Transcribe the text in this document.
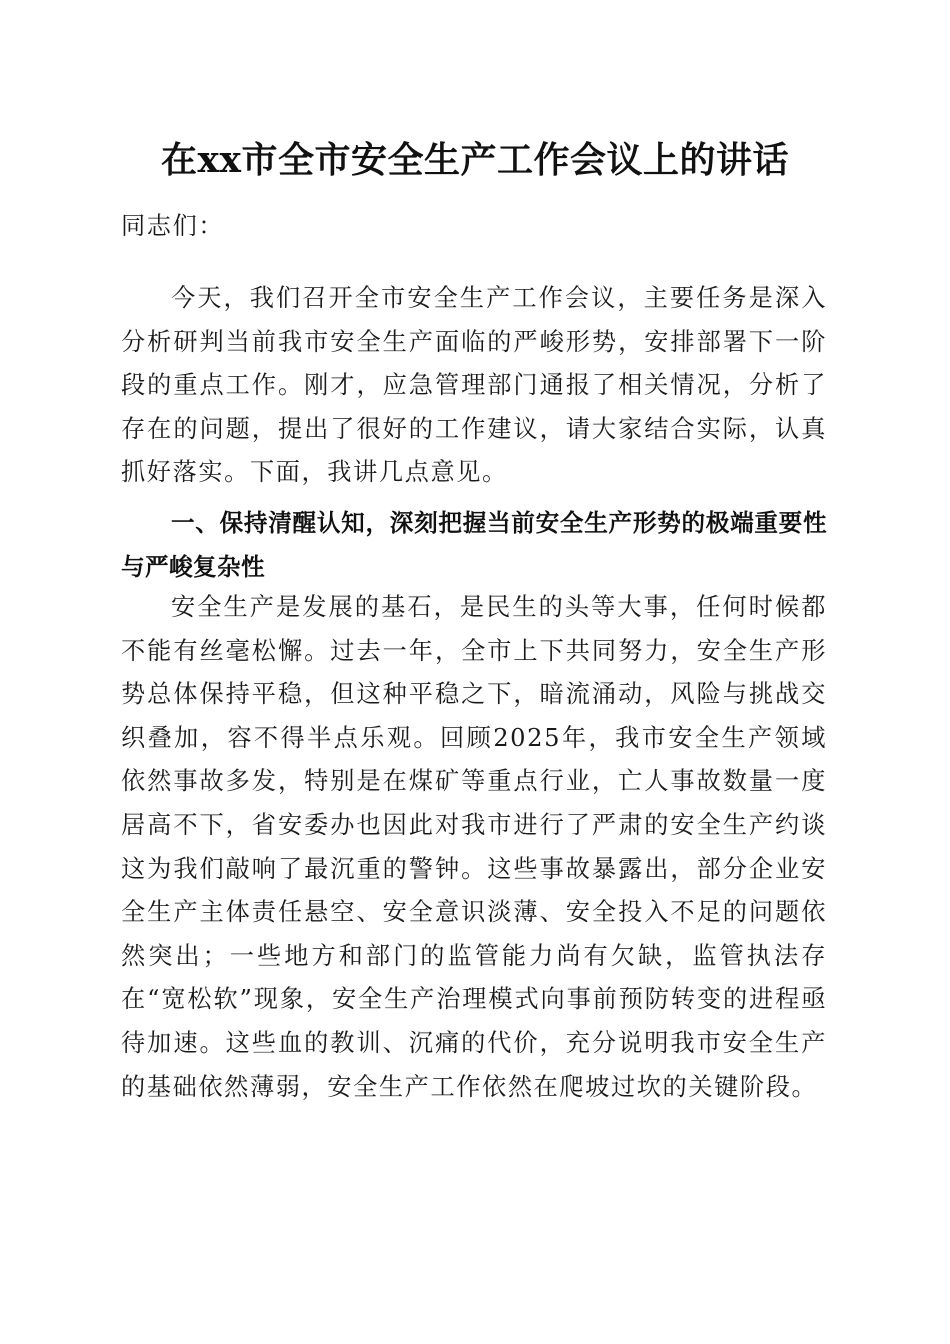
在xx市全市安全生产工作会议上的讲话

同志们：

今天，我们召开全市安全生产工作会议，主要任务是深入分析研判当前我市安全生产面临的严峻形势，安排部署下一阶段的重点工作。刚才，应急管理部门通报了相关情况，分析了存在的问题，提出了很好的工作建议，请大家结合实际，认真抓好落实。下面，我讲几点意见。

一、保持清醒认知，深刻把握当前安全生产形势的极端重要性与严峻复杂性

安全生产是发展的基石，是民生的头等大事，任何时候都不能有丝毫松懈。过去一年，全市上下共同努力，安全生产形势总体保持平稳，但这种平稳之下，暗流涌动，风险与挑战交织叠加，容不得半点乐观。回顾2025年，我市安全生产领域依然事故多发，特别是在煤矿等重点行业，亡人事故数量一度居高不下，省安委办也因此对我市进行了严肃的安全生产约谈这为我们敲响了最沉重的警钟。这些事故暴露出，部分企业安全生产主体责任悬空、安全意识淡薄、安全投入不足的问题依然突出；一些地方和部门的监管能力尚有欠缺，监管执法存在“宽松软”现象，安全生产治理模式向事前预防转变的进程亟待加速。这些血的教训、沉痛的代价，充分说明我市安全生产的基础依然薄弱，安全生产工作依然在爬坡过坎的关键阶段。
